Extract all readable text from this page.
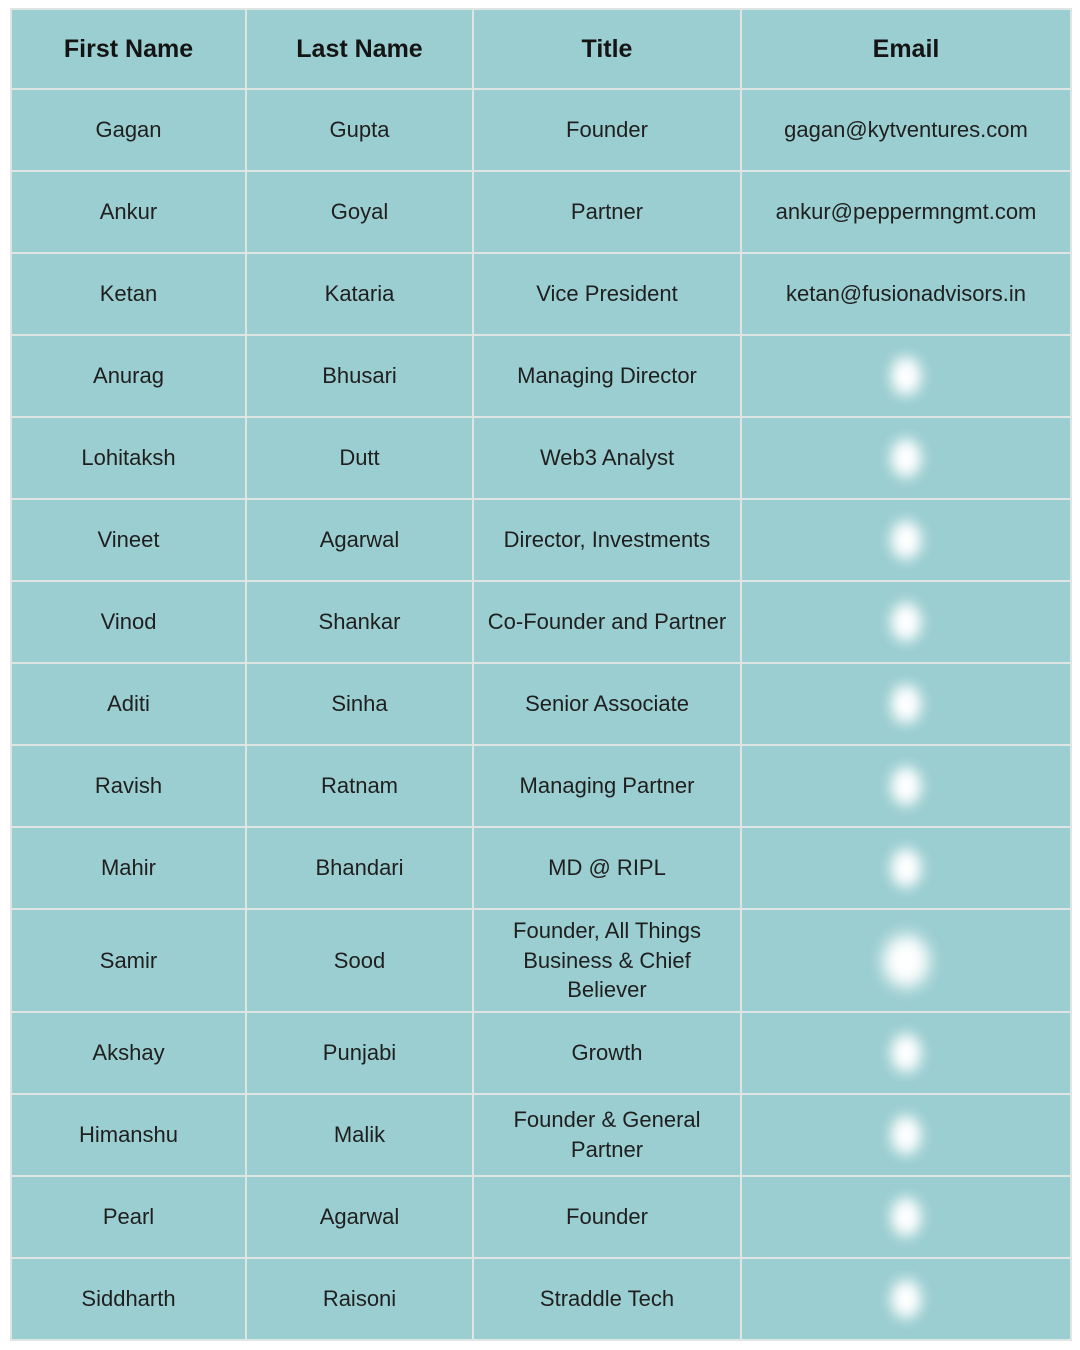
First Name	Last Name	Title	Email
Gagan	Gupta	Founder	gagan@kytventures.com
Ankur	Goyal	Partner	ankur@peppermngmt.com
Ketan	Kataria	Vice President	ketan@fusionadvisors.in
Anurag	Bhusari	Managing Director	

Lohitaksh	Dutt	Web3 Analyst	

Vineet	Agarwal	Director, Investments	

Vinod	Shankar	Co-Founder and Partner	

Aditi	Sinha	Senior Associate	

Ravish	Ratnam	Managing Partner	

Mahir	Bhandari	MD @ RIPL	

Samir	Sood	Founder, All Things Business & Chief Believer	

Akshay	Punjabi	Growth	

Himanshu	Malik	Founder & General Partner	

Pearl	Agarwal	Founder	

Siddharth	Raisoni	Straddle Tech	
